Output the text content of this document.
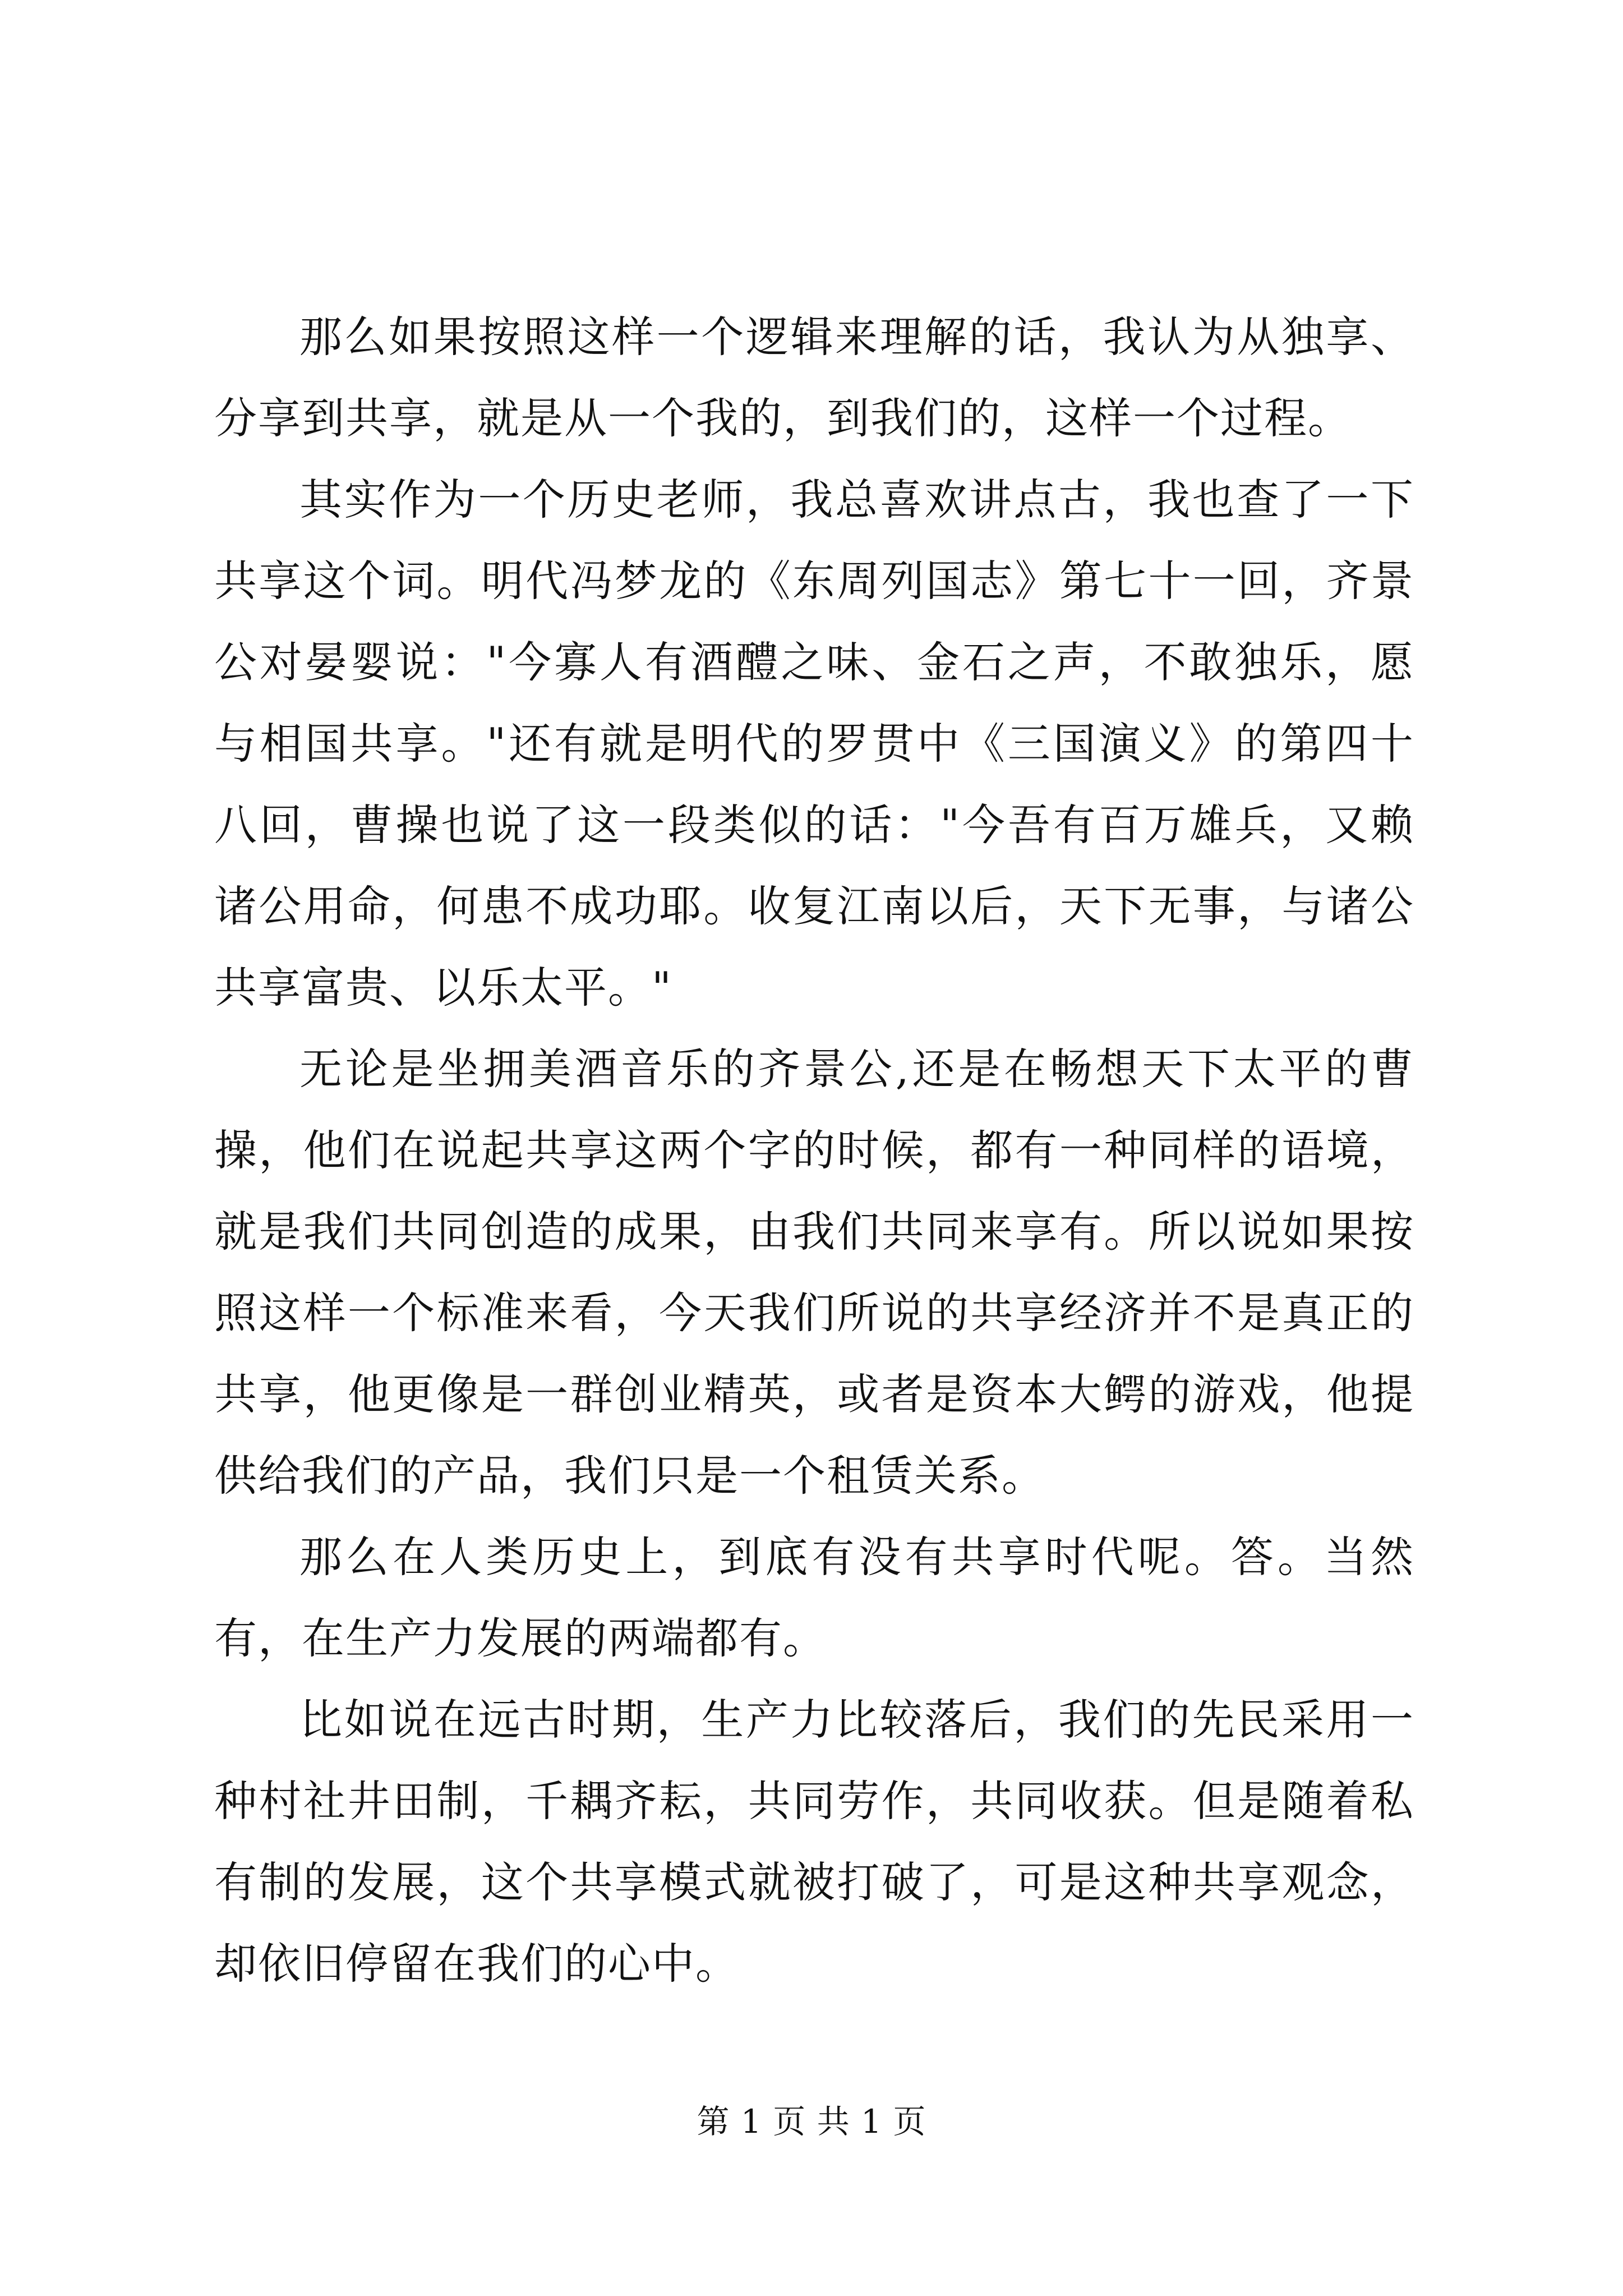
那么如果按照这样一个逻辑来理解的话，我认为从独享、分享到共享，就是从一个我的，到我们的，这样一个过程。

其实作为一个历史老师，我总喜欢讲点古，我也查了一下共享这个词。明代冯梦龙的《东周列国志》第七十一回，齐景公对晏婴说："今寡人有酒醴之味、金石之声，不敢独乐，愿与相国共享。"还有就是明代的罗贯中《三国演义》的第四十八回，曹操也说了这一段类似的话："今吾有百万雄兵，又赖诸公用命，何患不成功耶。收复江南以后，天下无事，与诸公共享富贵、以乐太平。"

无论是坐拥美酒音乐的齐景公,还是在畅想天下太平的曹操，他们在说起共享这两个字的时候，都有一种同样的语境，就是我们共同创造的成果，由我们共同来享有。所以说如果按照这样一个标准来看，今天我们所说的共享经济并不是真正的共享，他更像是一群创业精英，或者是资本大鳄的游戏，他提供给我们的产品，我们只是一个租赁关系。

那么在人类历史上，到底有没有共享时代呢。答。当然有，在生产力发展的两端都有。

比如说在远古时期，生产力比较落后，我们的先民采用一种村社井田制，千耦齐耘，共同劳作，共同收获。但是随着私有制的发展，这个共享模式就被打破了，可是这种共享观念，却依旧停留在我们的心中。

第 1 页 共 1 页
